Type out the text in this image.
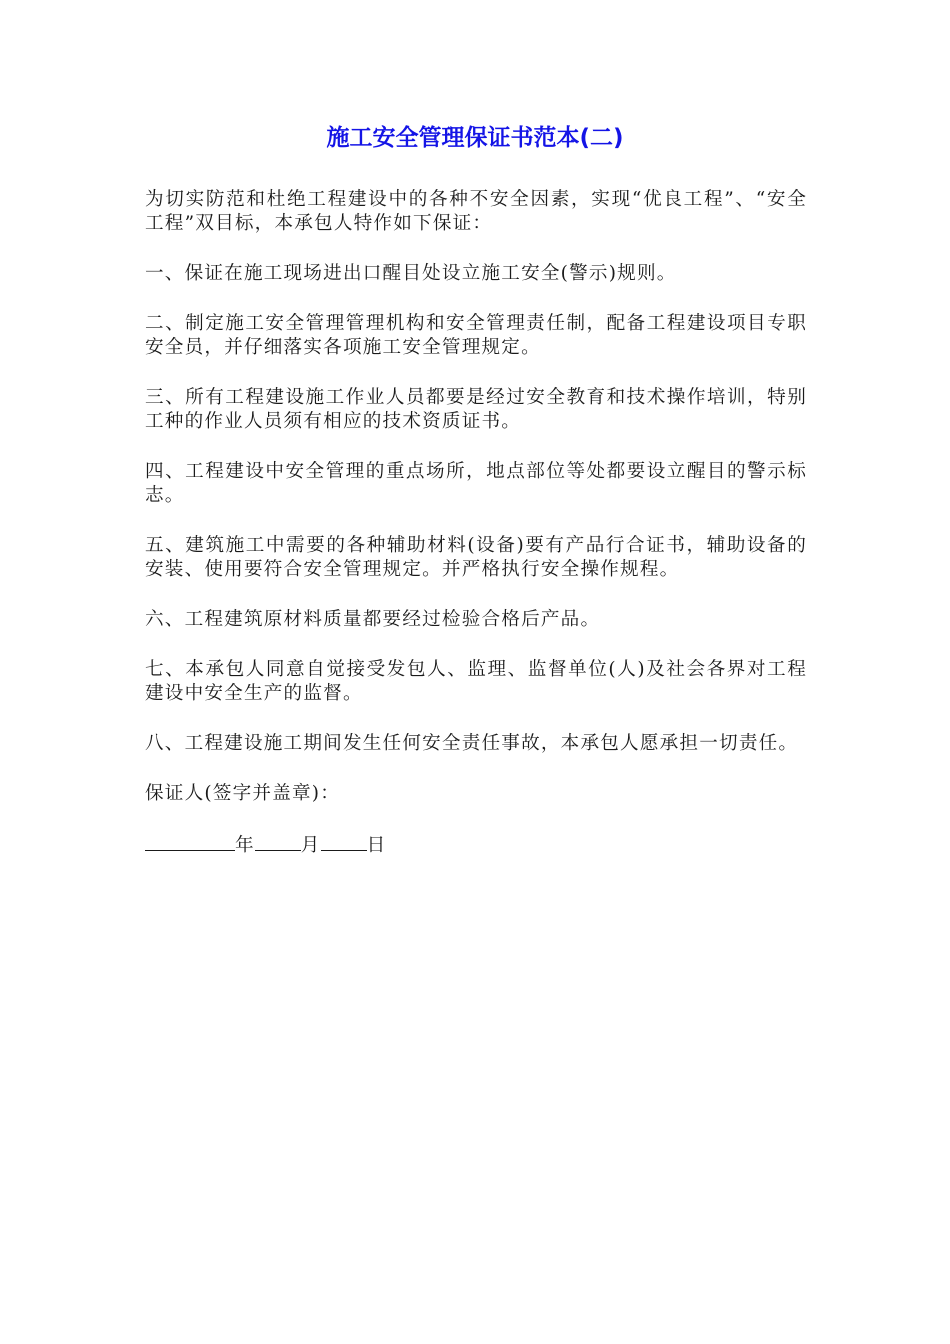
施工安全管理保证书范本(二)

为切实防范和杜绝工程建设中的各种不安全因素，实现“优良工程”、“安全工程”双目标，本承包人特作如下保证：

一、保证在施工现场进出口醒目处设立施工安全(警示)规则。

二、制定施工安全管理管理机构和安全管理责任制，配备工程建设项目专职安全员，并仔细落实各项施工安全管理规定。

三、所有工程建设施工作业人员都要是经过安全教育和技术操作培训，特别工种的作业人员须有相应的技术资质证书。

四、工程建设中安全管理的重点场所，地点部位等处都要设立醒目的警示标志。

五、建筑施工中需要的各种辅助材料(设备)要有产品行合证书，辅助设备的安装、使用要符合安全管理规定。并严格执行安全操作规程。

六、工程建筑原材料质量都要经过检验合格后产品。

七、本承包人同意自觉接受发包人、监理、监督单位(人)及社会各界对工程建设中安全生产的监督。

八、工程建设施工期间发生任何安全责任事故，本承包人愿承担一切责任。

保证人(签字并盖章)：

年 月 日
